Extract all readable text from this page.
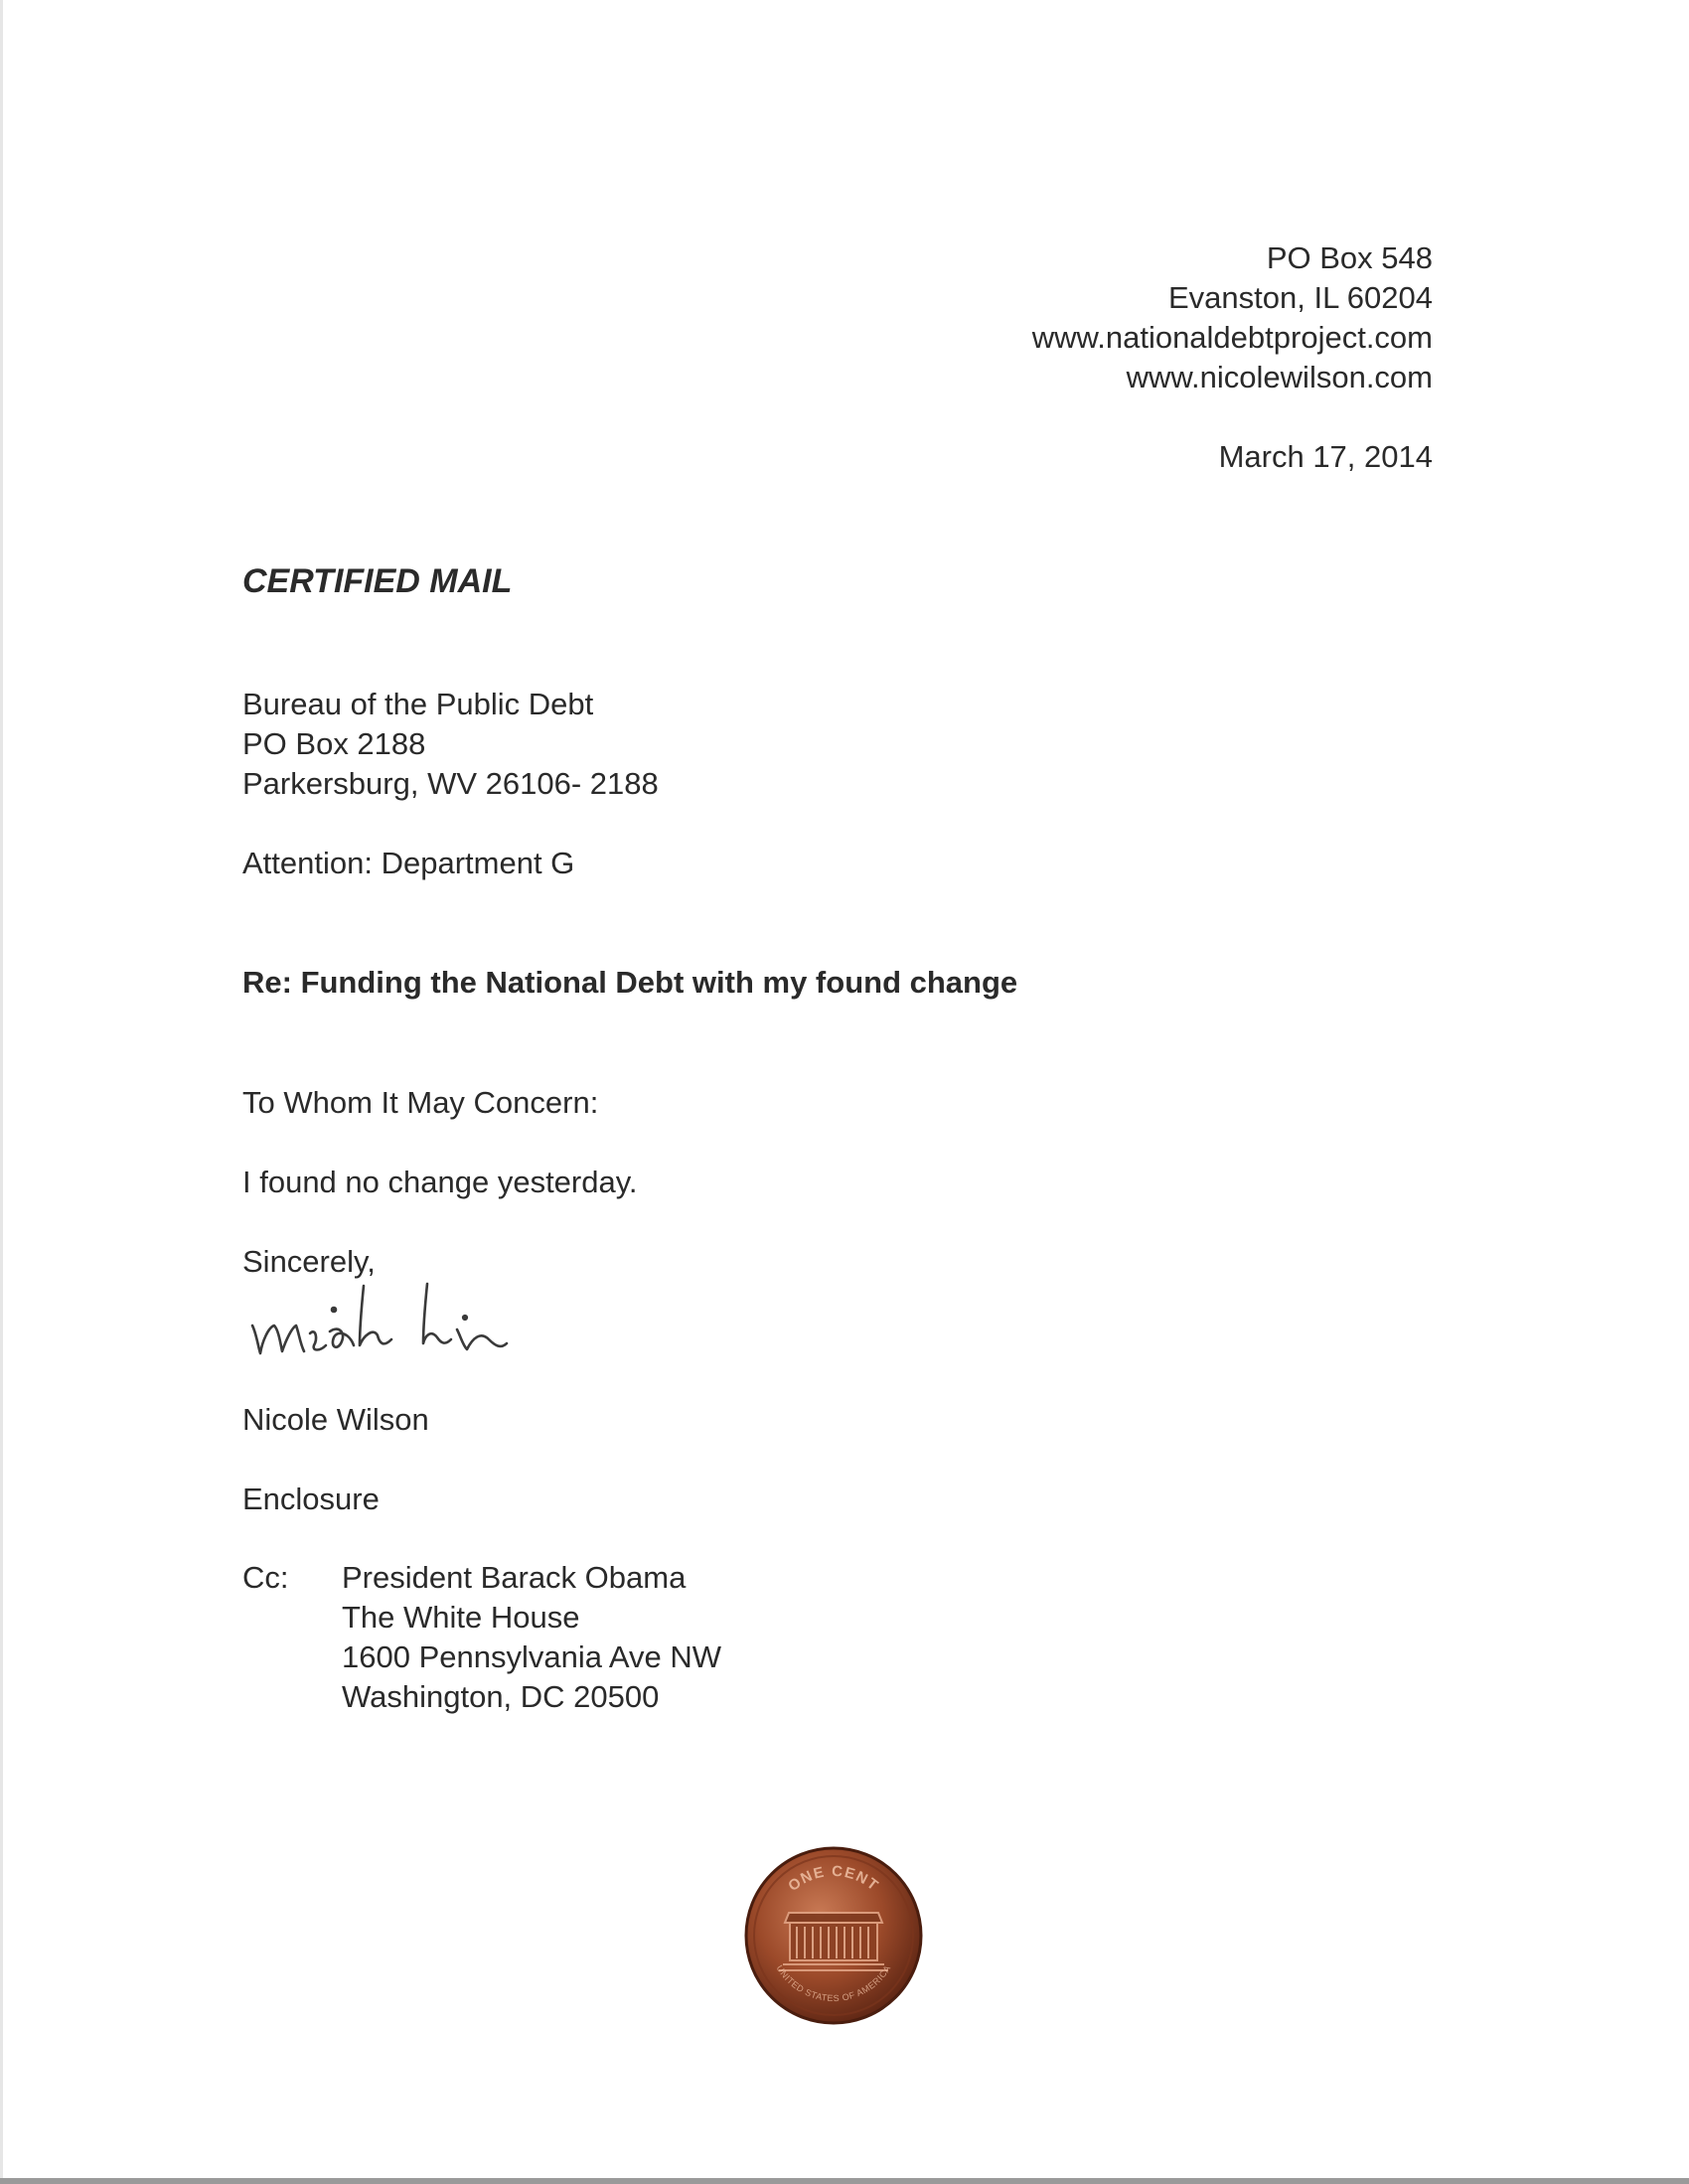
PO Box 548
Evanston, IL 60204
www.nationaldebtproject.com
www.nicolewilson.com
March 17, 2014
CERTIFIED MAIL
Bureau of the Public Debt
PO Box 2188
Parkersburg, WV 26106- 2188
Attention: Department G
Re: Funding the National Debt with my found change
To Whom It May Concern:
I found no change yesterday.
Sincerely,
Nicole Wilson
Enclosure
Cc: President Barack Obama
The White House
1600 Pennsylvania Ave NW
Washington, DC 20500
ONE CENT
UNITED STATES OF AMERICA
